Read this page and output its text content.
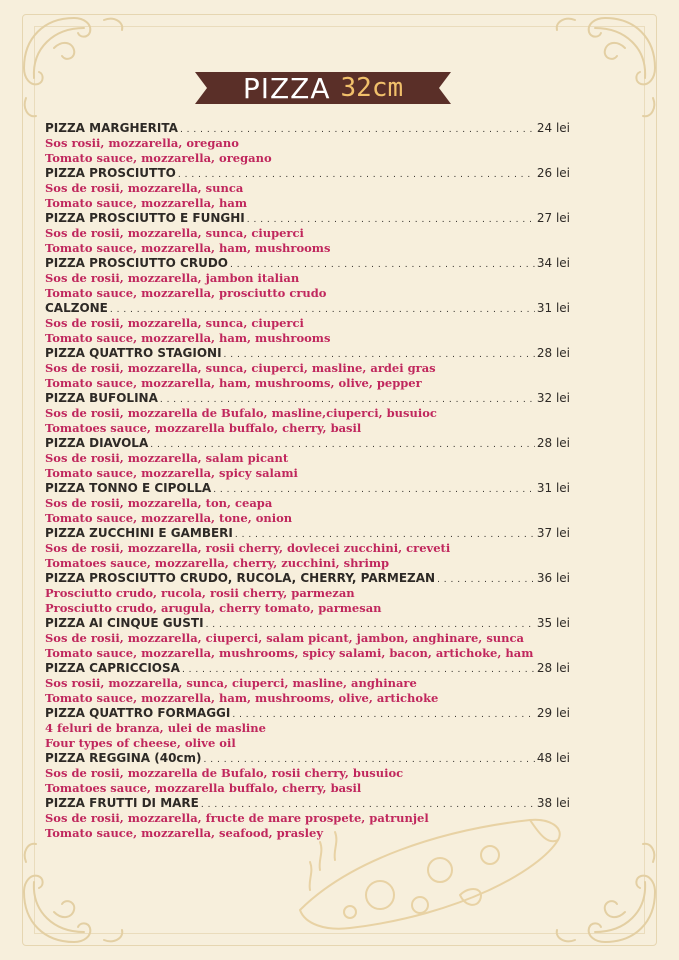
PIZZA 32cm
PIZZA MARGHERITA . . .	24 lei
Sos rosii, mozzarella, oregano
Tomato sauce, mozzarella, oregano
PIZZA PROSCIUTTO . . .	26 lei
Sos de rosii, mozzarella, sunca
Tomato sauce, mozzarella, ham
PIZZA PROSCIUTTO E FUNGHI . . .	27 lei
Sos de rosii, mozzarella, sunca, ciuperci
Tomato sauce, mozzarella, ham, mushrooms
PIZZA PROSCIUTTO CRUDO . . .	34 lei
Sos de rosii, mozzarella, jambon italian
Tomato sauce, mozzarella, prosciutto crudo
CALZONE . . .	31 lei
Sos de rosii, mozzarella, sunca, ciuperci
Tomato sauce, mozzarella, ham, mushrooms
PIZZA QUATTRO STAGIONI . . .	28 lei
Sos de rosii, mozzarella, sunca, ciuperci, masline, ardei gras
Tomato sauce, mozzarella, ham, mushrooms, olive, pepper
PIZZA BUFOLINA . . .	32 lei
Sos de rosii, mozzarella de Bufalo, masline,ciuperci, busuioc
Tomatoes sauce, mozzarella buffalo, cherry, basil
PIZZA DIAVOLA . . .	28 lei
Sos de rosii, mozzarella, salam picant
Tomato sauce, mozzarella, spicy salami
PIZZA TONNO E CIPOLLA . . .	31 lei
Sos de rosii, mozzarella, ton, ceapa
Tomato sauce, mozzarella, tone, onion
PIZZA ZUCCHINI E GAMBERI . . .	37 lei
Sos de rosii, mozzarella, rosii cherry, dovlecei zucchini, creveti
Tomatoes sauce, mozzarella, cherry, zucchini, shrimp
PIZZA PROSCIUTTO CRUDO, RUCOLA, CHERRY, PARMEZAN . . .	36 lei
Prosciutto crudo, rucola, rosii cherry, parmezan
Prosciutto crudo, arugula, cherry tomato, parmesan
PIZZA AI CINQUE GUSTI . . .	35 lei
Sos de rosii, mozzarella, ciuperci, salam picant, jambon, anghinare, sunca
Tomato sauce, mozzarella, mushrooms, spicy salami, bacon, artichoke, ham
PIZZA CAPRICCIOSA . . .	28 lei
Sos rosii, mozzarella, sunca, ciuperci, masline, anghinare
Tomato sauce, mozzarella, ham, mushrooms, olive, artichoke
PIZZA QUATTRO FORMAGGI . . .	29 lei
4 feluri de branza, ulei de masline
Four types of cheese, olive oil
PIZZA REGGINA (40cm) . . .	48 lei
Sos de rosii, mozzarella de Bufalo, rosii cherry, busuioc
Tomatoes sauce, mozzarella buffalo, cherry, basil
PIZZA FRUTTI DI MARE . . .	38 lei
Sos de rosii, mozzarella, fructe de mare prospete, patrunjel
Tomato sauce, mozzarella, seafood, prasley
